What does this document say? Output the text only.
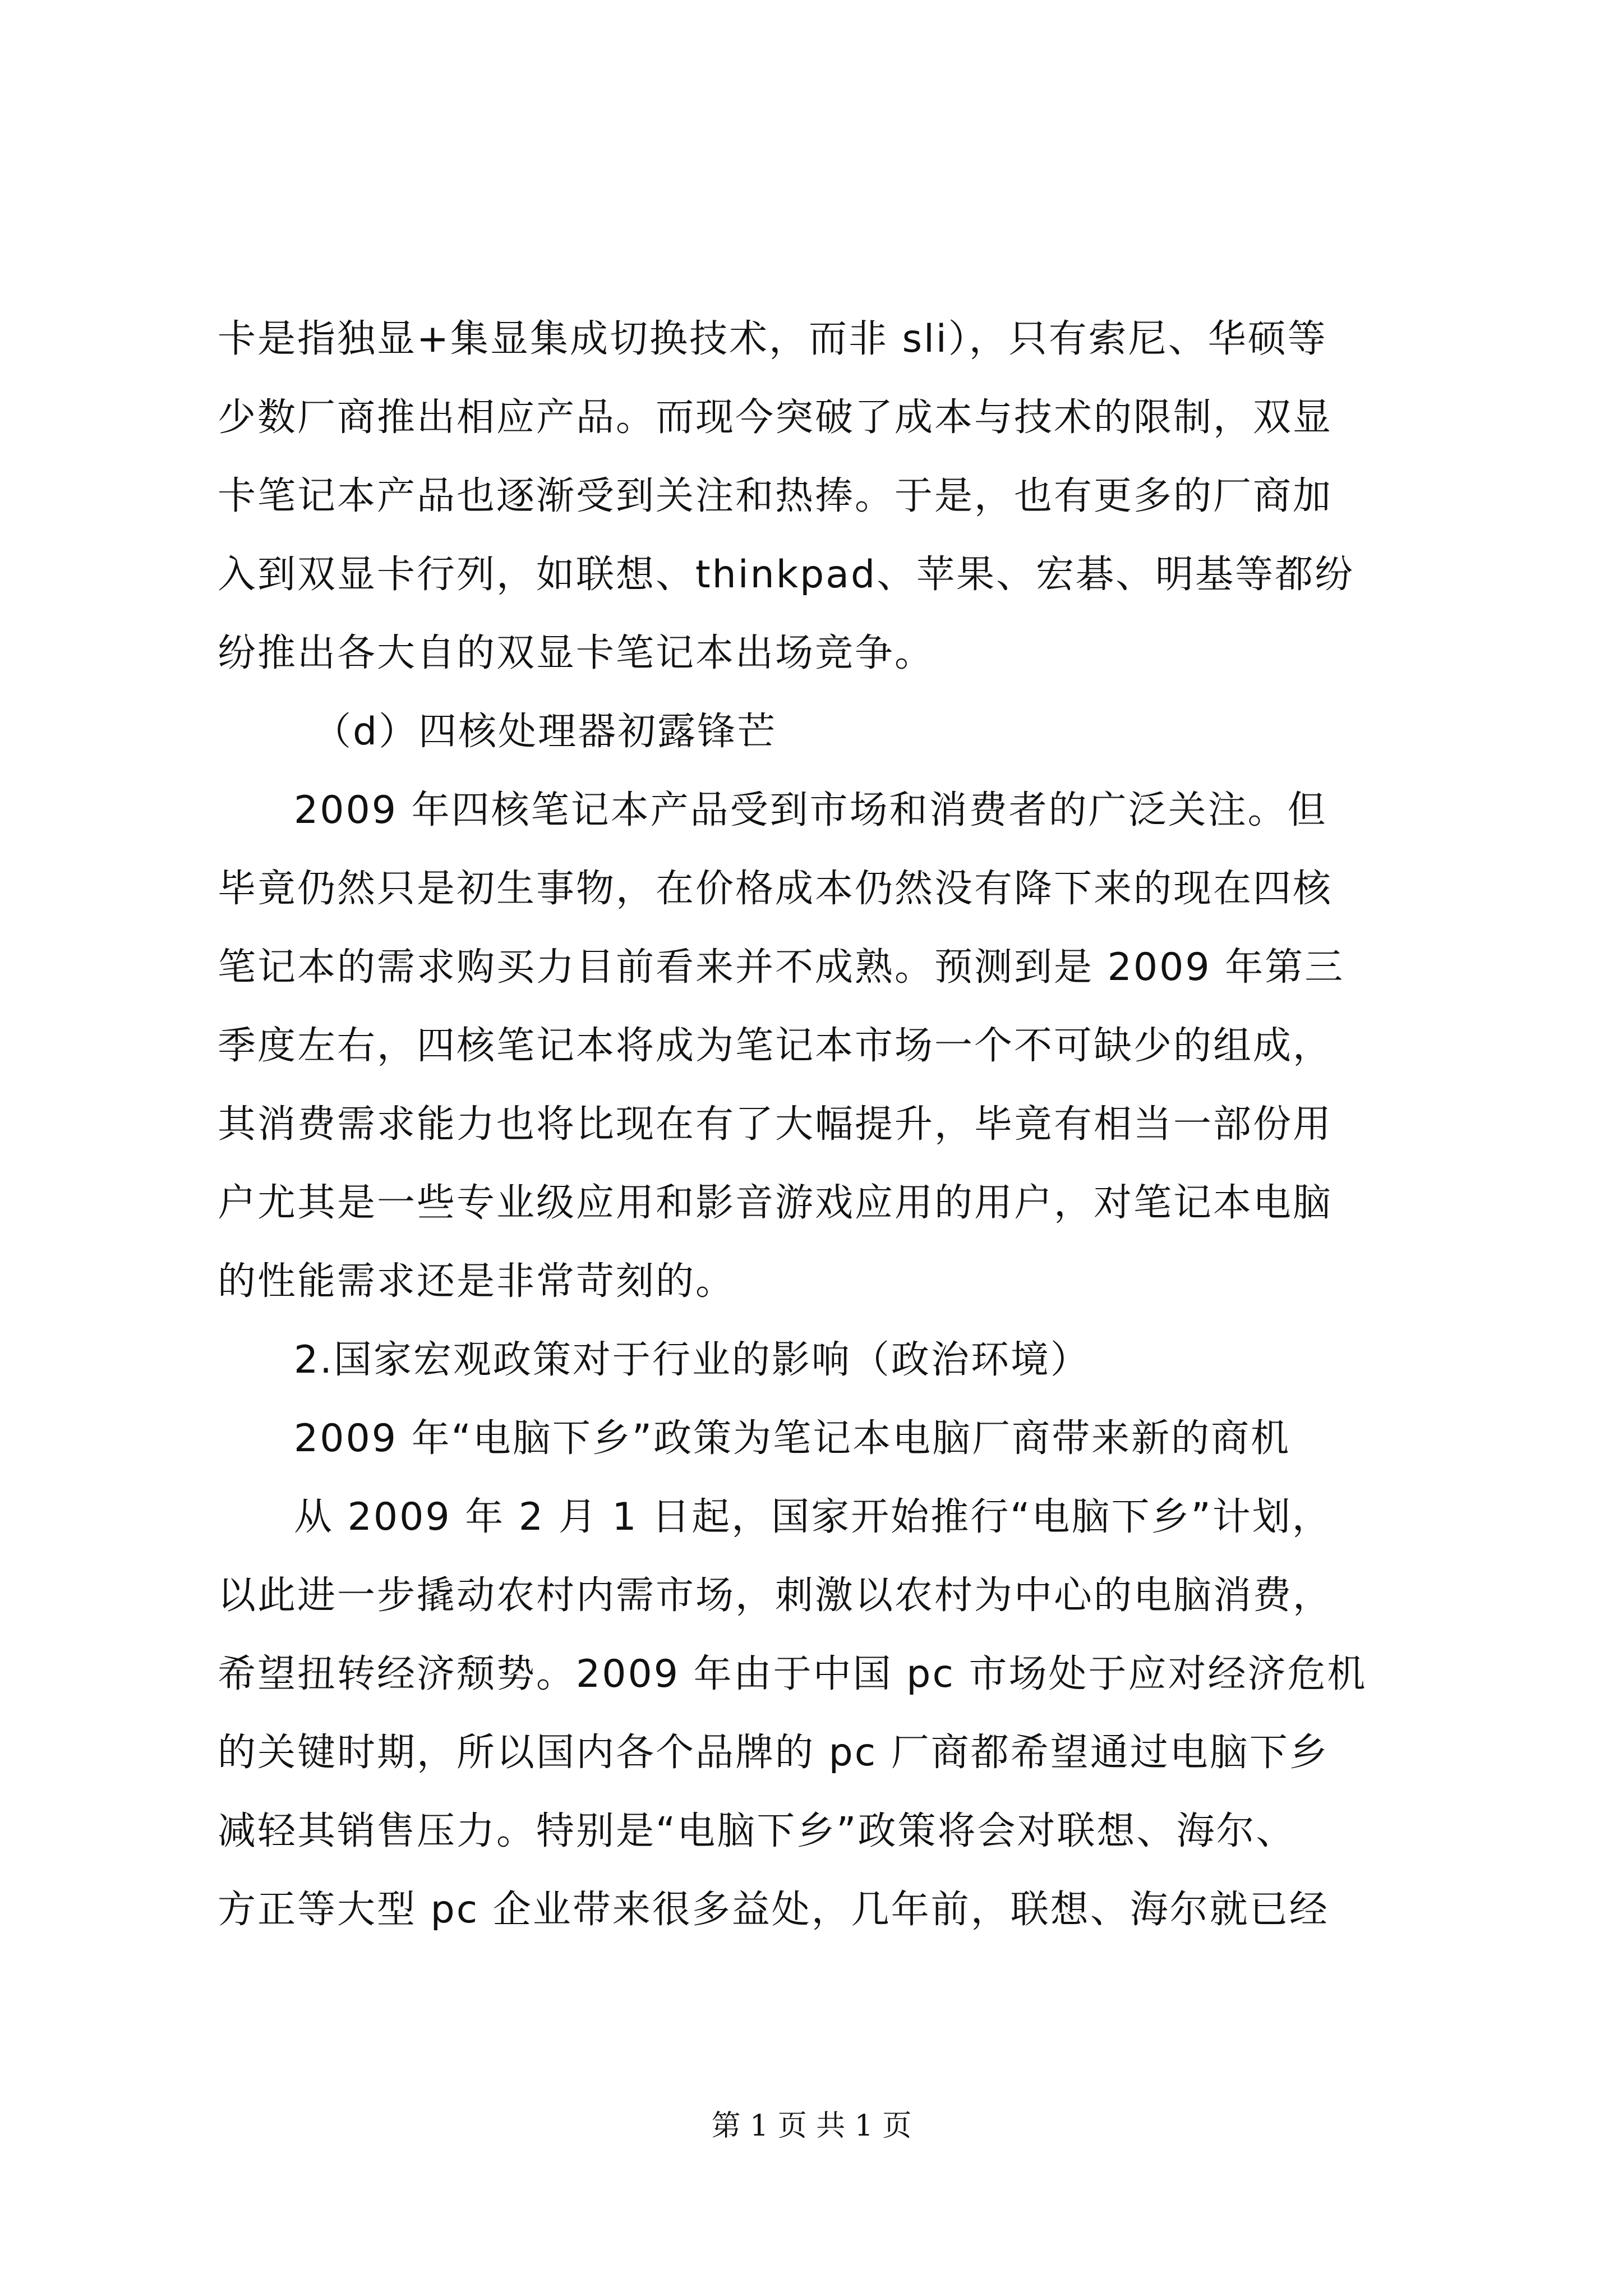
卡是指独显+集显集成切换技术，而非 sli），只有索尼、华硕等
少数厂商推出相应产品。而现今突破了成本与技术的限制，双显
卡笔记本产品也逐渐受到关注和热捧。于是，也有更多的厂商加
入到双显卡行列，如联想、thinkpad、苹果、宏碁、明基等都纷
纷推出各大自的双显卡笔记本出场竞争。
（d）四核处理器初露锋芒
2009 年四核笔记本产品受到市场和消费者的广泛关注。但
毕竟仍然只是初生事物，在价格成本仍然没有降下来的现在四核
笔记本的需求购买力目前看来并不成熟。预测到是 2009 年第三
季度左右，四核笔记本将成为笔记本市场一个不可缺少的组成，
其消费需求能力也将比现在有了大幅提升，毕竟有相当一部份用
户尤其是一些专业级应用和影音游戏应用的用户，对笔记本电脑
的性能需求还是非常苛刻的。
2.国家宏观政策对于行业的影响（政治环境）
2009 年“电脑下乡”政策为笔记本电脑厂商带来新的商机
从 2009 年 2 月 1 日起，国家开始推行“电脑下乡”计划，
以此进一步撬动农村内需市场，刺激以农村为中心的电脑消费，
希望扭转经济颓势。2009 年由于中国 pc 市场处于应对经济危机
的关键时期，所以国内各个品牌的 pc 厂商都希望通过电脑下乡
减轻其销售压力。特别是“电脑下乡”政策将会对联想、海尔、
方正等大型 pc 企业带来很多益处，几年前，联想、海尔就已经
第 1 页 共 1 页
